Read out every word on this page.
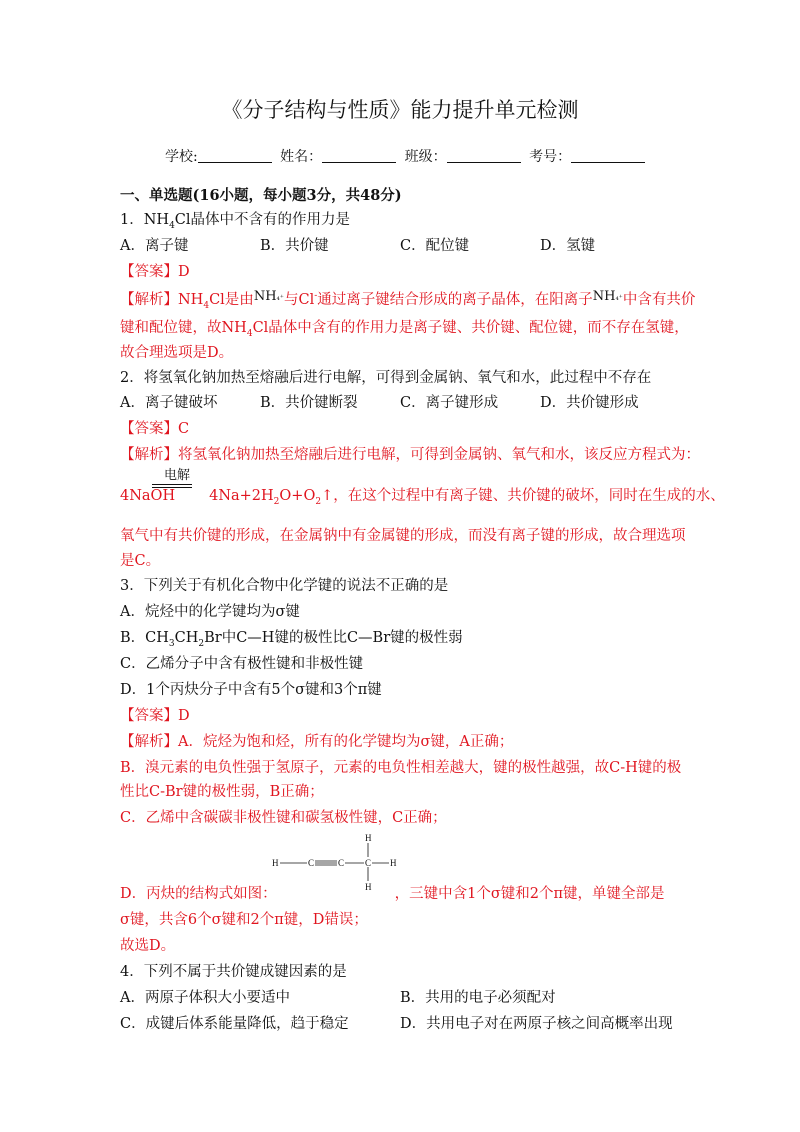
《分子结构与性质》能力提升单元检测
学校:	姓名：	班级：	考号：
一、单选题(16小题，每小题3分，共48分)
1．$NH_4Cl$晶体中不含有的作用力是
A．离子键	B．共价键	C．配位键	D．氢键
【答案】D
【解析】$NH_4Cl$是由NH₄⁺与Cl-通过离子键结合形成的离子晶体，在阳离子NH₄⁺中含有共价
键和配位键，故$NH_4Cl$晶体中含有的作用力是离子键、共价键、配位键，而不存在氢键，
故合理选项是D。
2．将氢氧化钠加热至熔融后进行电解，可得到金属钠、氧气和水，此过程中不存在
A．离子键破坏	B．共价键断裂	C．离子键形成	D．共价键形成
【答案】C
【解析】将氢氧化钠加热至熔融后进行电解，可得到金属钠、氧气和水，该反应方程式为：
电解
4NaOH $4Na+2H_2O+O_2↑$，在这个过程中有离子键、共价键的破坏，同时在生成的水、
氧气中有共价键的形成，在金属钠中有金属键的形成，而没有离子键的形成，故合理选项
是C。
3．下列关于有机化合物中化学键的说法不正确的是
A．烷烃中的化学键均为σ键
B．$CH_3CH_2Br$中C—H键的极性比C—Br键的极性弱
C．乙烯分子中含有极性键和非极性键
D．1个丙炔分子中含有5个σ键和3个π键
【答案】D
【解析】A．烷烃为饱和烃，所有的化学键均为σ键，A正确；
B．溴元素的电负性强于氢原子，元素的电负性相差越大，键的极性越强，故C-H键的极
性比C-Br键的极性弱，B正确；
C．乙烯中含碳碳非极性键和碳氢极性键，C正确；
H	C	C C H
H
H
D．丙炔的结构式如图：	，三键中含1个σ键和2个π键，单键全部是
σ键，共含6个σ键和2个π键，D错误；
故选D。
4．下列不属于共价键成键因素的是
A．两原子体积大小要适中	B．共用的电子必须配对
C．成键后体系能量降低，趋于稳定	D．共用电子对在两原子核之间高概率出现
